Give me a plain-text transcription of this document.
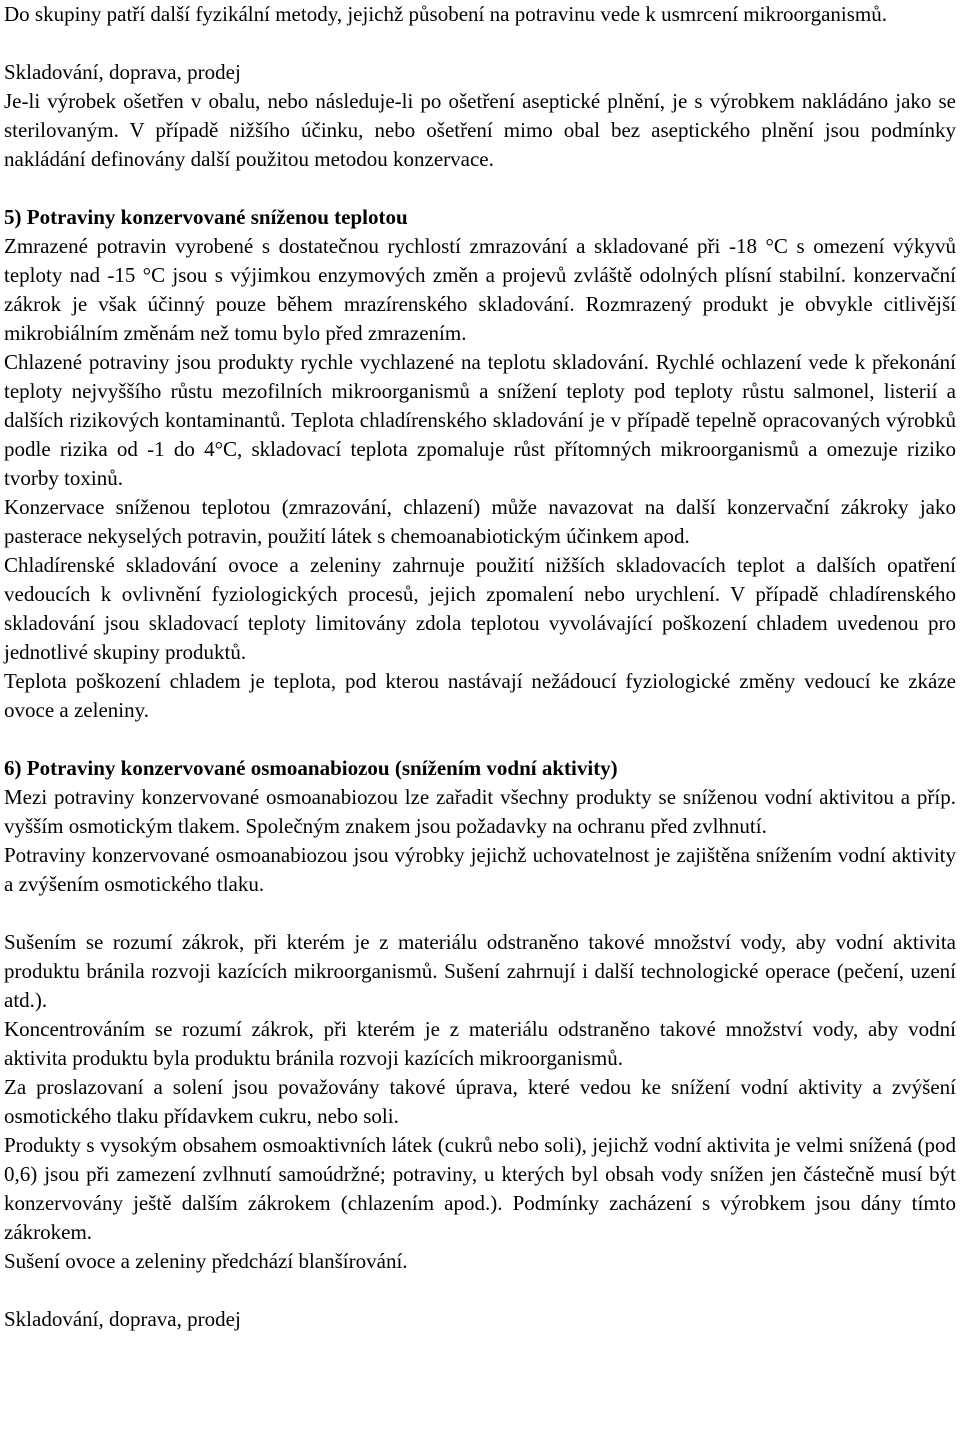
Do skupiny patří další fyzikální metody, jejichž působení na potravinu vede k usmrcení mikroorganismů.

Skladování, doprava, prodej

Je-li výrobek ošetřen v obalu, nebo následuje-li po ošetření aseptické plnění, je s výrobkem nakládáno jako se sterilovaným. V případě nižšího účinku, nebo ošetření mimo obal bez aseptického plnění jsou podmínky nakládání definovány další použitou metodou konzervace.

5) Potraviny konzervované sníženou teplotou

Zmrazené potravin vyrobené s dostatečnou rychlostí zmrazování a skladované při -18 °C s omezení výkyvů teploty nad -15 °C jsou s výjimkou enzymových změn a projevů zvláště odolných plísní stabilní. konzervační zákrok je však účinný pouze během mrazírenského skladování. Rozmrazený produkt je obvykle citlivější mikrobiálním změnám než tomu bylo před zmrazením.

Chlazené potraviny jsou produkty rychle vychlazené na teplotu skladování. Rychlé ochlazení vede k překonání teploty nejvyššího růstu mezofilních mikroorganismů a snížení teploty pod teploty růstu salmonel, listerií a dalších rizikových kontaminantů. Teplota chladírenského skladování je v případě tepelně opracovaných výrobků podle rizika od -1 do 4°C, skladovací teplota zpomaluje růst přítomných mikroorganismů a omezuje riziko tvorby toxinů.

Konzervace sníženou teplotou (zmrazování, chlazení) může navazovat na další konzervační zákroky jako pasterace nekyselých potravin, použití látek s chemoanabiotickým účinkem apod.

Chladírenské skladování ovoce a zeleniny zahrnuje použití nižších skladovacích teplot a dalších opatření vedoucích k ovlivnění fyziologických procesů, jejich zpomalení nebo urychlení. V případě chladírenského skladování jsou skladovací teploty limitovány zdola teplotou vyvolávající poškození chladem uvedenou pro jednotlivé skupiny produktů.

Teplota poškození chladem je teplota, pod kterou nastávají nežádoucí fyziologické změny vedoucí ke zkáze ovoce a zeleniny.

6) Potraviny konzervované osmoanabiozou (snížením vodní aktivity)

Mezi potraviny konzervované osmoanabiozou lze zařadit všechny produkty se sníženou vodní aktivitou a příp. vyšším osmotickým tlakem. Společným znakem jsou požadavky na ochranu před zvlhnutí.

Potraviny konzervované osmoanabiozou jsou výrobky jejichž uchovatelnost je zajištěna snížením vodní aktivity a zvýšením osmotického tlaku.

Sušením se rozumí zákrok, při kterém je z materiálu odstraněno takové množství vody, aby vodní aktivita produktu bránila rozvoji kazících mikroorganismů. Sušení zahrnují i další technologické operace (pečení, uzení atd.).

Koncentrováním se rozumí zákrok, při kterém je z materiálu odstraněno takové množství vody, aby vodní aktivita produktu byla produktu bránila rozvoji kazících mikroorganismů.

Za proslazovaní a solení jsou považovány takové úprava, které vedou ke snížení vodní aktivity a zvýšení osmotického tlaku přídavkem cukru, nebo soli.

Produkty s vysokým obsahem osmoaktivních látek (cukrů nebo soli), jejichž vodní aktivita je velmi snížená (pod 0,6) jsou při zamezení zvlhnutí samoúdržné; potraviny, u kterých byl obsah vody snížen jen částečně musí být konzervovány ještě dalším zákrokem (chlazením apod.). Podmínky zacházení s výrobkem jsou dány tímto zákrokem.

Sušení ovoce a zeleniny předchází blanšírování.

Skladování, doprava, prodej
